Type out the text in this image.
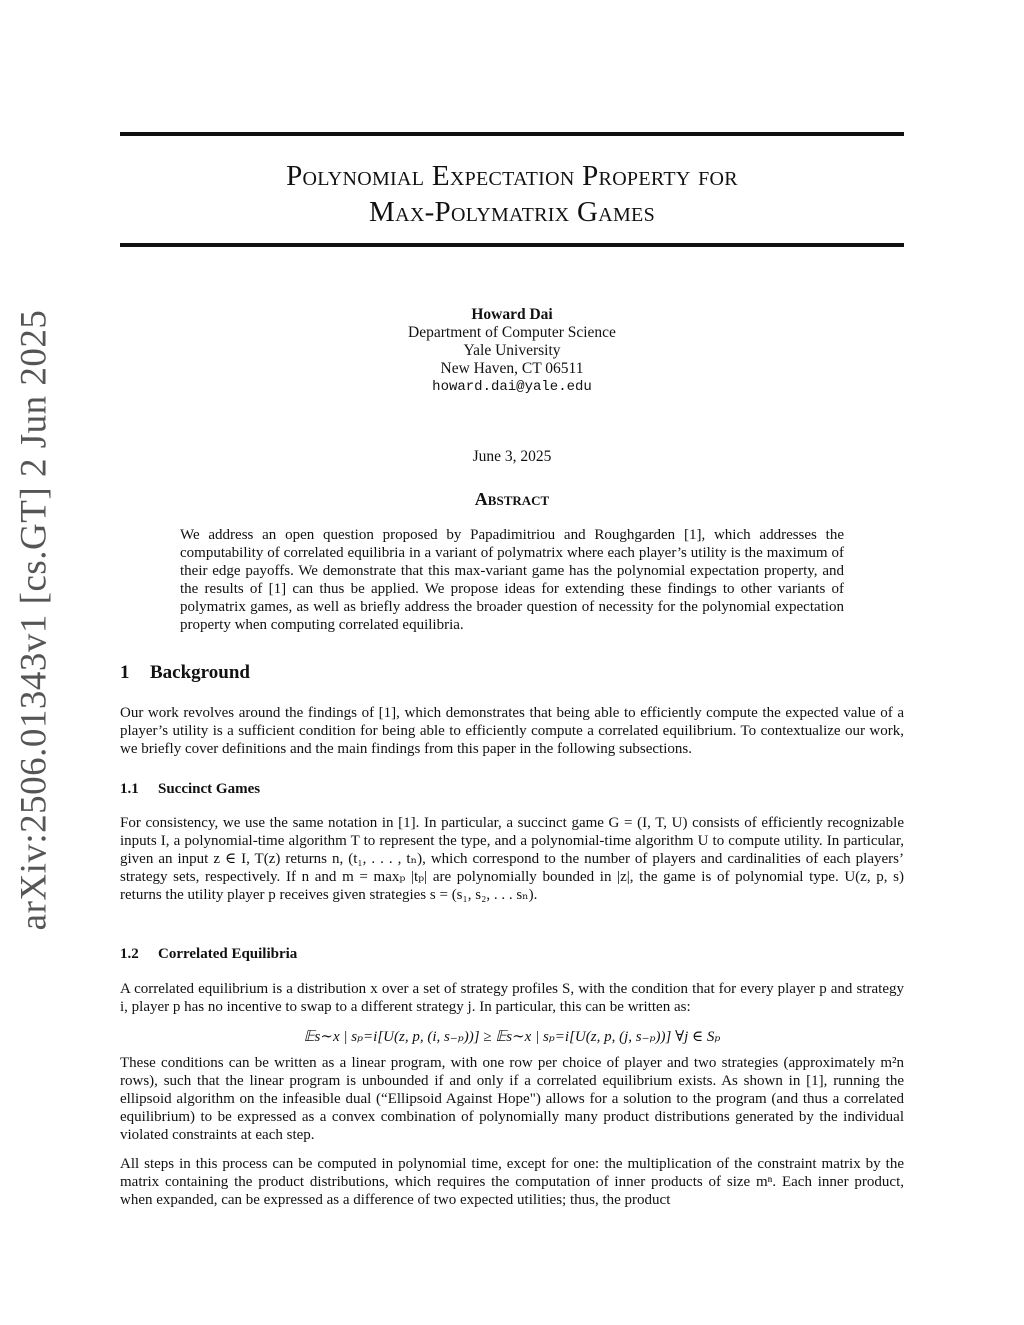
arXiv:2506.01343v1 [cs.GT] 2 Jun 2025
Polynomial Expectation Property for
Max-Polymatrix Games
Howard Dai
Department of Computer Science
Yale University
New Haven, CT 06511
howard.dai@yale.edu
June 3, 2025
Abstract
We address an open question proposed by Papadimitriou and Roughgarden [1], which addresses the computability of correlated equilibria in a variant of polymatrix where each player’s utility is the maximum of their edge payoffs. We demonstrate that this max-variant game has the polynomial expectation property, and the results of [1] can thus be applied. We propose ideas for extending these findings to other variants of polymatrix games, as well as briefly address the broader question of necessity for the polynomial expectation property when computing correlated equilibria.
1 Background
Our work revolves around the findings of [1], which demonstrates that being able to efficiently compute the expected value of a player’s utility is a sufficient condition for being able to efficiently compute a correlated equilibrium. To contextualize our work, we briefly cover definitions and the main findings from this paper in the following subsections.
1.1 Succinct Games
For consistency, we use the same notation in [1]. In particular, a succinct game G = (I, T, U) consists of efficiently recognizable inputs I, a polynomial-time algorithm T to represent the type, and a polynomial-time algorithm U to compute utility. In particular, given an input z ∈ I, T(z) returns n, (t₁, . . . , tₙ), which correspond to the number of players and cardinalities of each players’ strategy sets, respectively. If n and m = maxₚ |tₚ| are polynomially bounded in |z|, the game is of polynomial type. U(z, p, s) returns the utility player p receives given strategies s = (s₁, s₂, . . . sₙ).
1.2 Correlated Equilibria
A correlated equilibrium is a distribution x over a set of strategy profiles S, with the condition that for every player p and strategy i, player p has no incentive to swap to a different strategy j. In particular, this can be written as:
𝔼s∼x | sₚ=i[U(z, p, (i, s₋ₚ))] ≥ 𝔼s∼x | sₚ=i[U(z, p, (j, s₋ₚ))] ∀j ∈ Sₚ
These conditions can be written as a linear program, with one row per choice of player and two strategies (approximately m²n rows), such that the linear program is unbounded if and only if a correlated equilibrium exists. As shown in [1], running the ellipsoid algorithm on the infeasible dual (“Ellipsoid Against Hope") allows for a solution to the program (and thus a correlated equilibrium) to be expressed as a convex combination of polynomially many product distributions generated by the individual violated constraints at each step.
All steps in this process can be computed in polynomial time, except for one: the multiplication of the constraint matrix by the matrix containing the product distributions, which requires the computation of inner products of size mⁿ. Each inner product, when expanded, can be expressed as a difference of two expected utilities; thus, the product
